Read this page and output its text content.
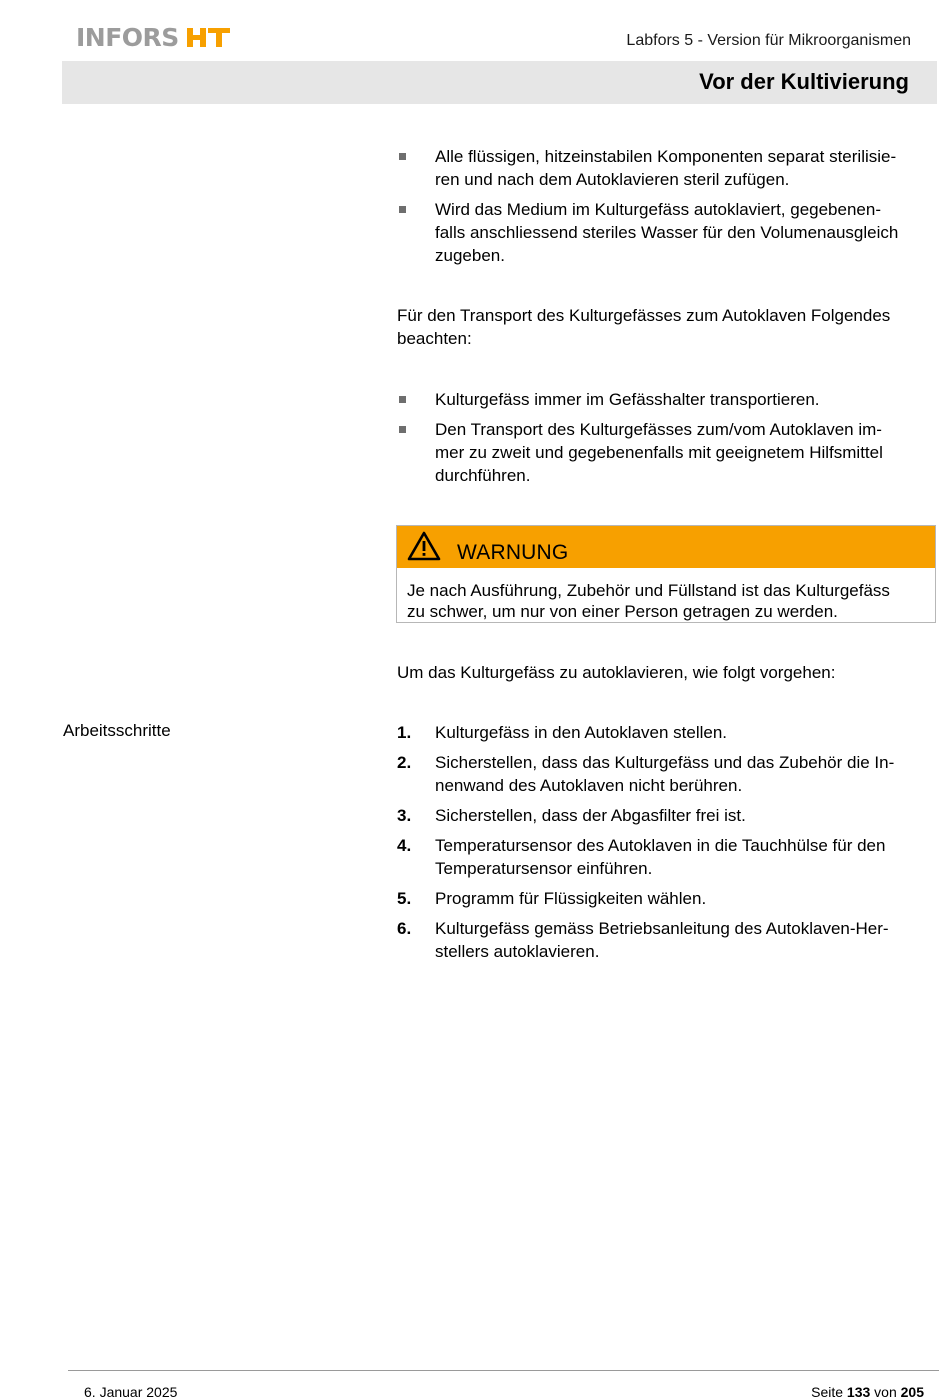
INFORS	Labfors 5 - Version für Mikroorganismen
Vor der Kultivierung
Alle flüssigen, hitzeinstabilen Komponenten separat sterilisie-
ren und nach dem Autoklavieren steril zufügen.
Wird das Medium im Kulturgefäss autoklaviert, gegebenen-
falls anschliessend steriles Wasser für den Volumenausgleich
zugeben.
Für den Transport des Kulturgefässes zum Autoklaven Folgendes
beachten:
Kulturgefäss immer im Gefässhalter transportieren.
Den Transport des Kulturgefässes zum/vom Autoklaven im-
mer zu zweit und gegebenenfalls mit geeignetem Hilfsmittel
durchführen.
WARNUNG
Je nach Ausführung, Zubehör und Füllstand ist das Kulturgefäss
zu schwer, um nur von einer Person getragen zu werden.
Um das Kulturgefäss zu autoklavieren, wie folgt vorgehen:
Arbeitsschritte	1. Kulturgefäss in den Autoklaven stellen.
2. Sicherstellen, dass das Kulturgefäss und das Zubehör die In-
nenwand des Autoklaven nicht berühren.
3. Sicherstellen, dass der Abgasfilter frei ist.
4. Temperatursensor des Autoklaven in die Tauchhülse für den
Temperatursensor einführen.
5. Programm für Flüssigkeiten wählen.
6. Kulturgefäss gemäss Betriebsanleitung des Autoklaven-Her-
stellers autoklavieren.
6. Januar 2025	Seite 133 von 205
